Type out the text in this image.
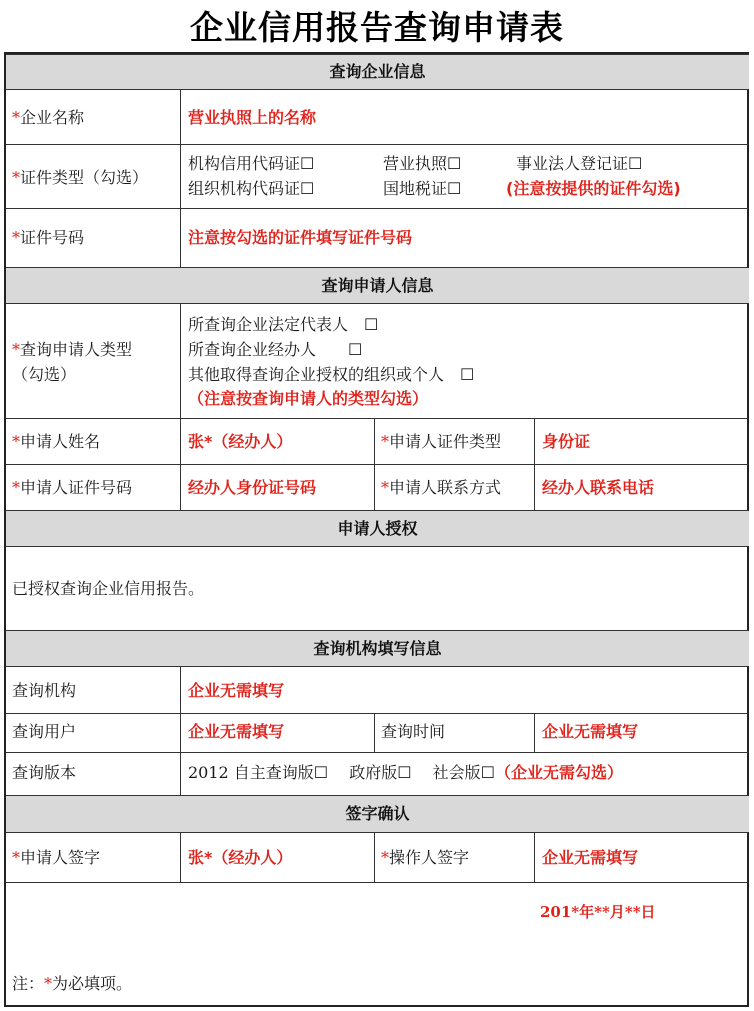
企业信用报告查询申请表
查询企业信息
*企业名称	营业执照上的名称
*证件类型（勾选）
机构信用代码证☐	营业执照☐	事业法人登记证☐
组织机构代码证☐	国地税证☐	(注意按提供的证件勾选)
*证件号码	注意按勾选的证件填写证件号码
查询申请人信息
*查询申请人类型
（勾选）
所查询企业法定代表人　☐
所查询企业经办人　　☐
其他取得查询企业授权的组织或个人　☐
（注意按查询申请人的类型勾选）
*申请人姓名	张*（经办人）	*申请人证件类型	身份证
*申请人证件号码	经办人身份证号码	*申请人联系方式	经办人联系电话
申请人授权
已授权查询企业信用报告。
查询机构填写信息
查询机构	企业无需填写
查询用户	企业无需填写	查询时间	企业无需填写
查询版本	2012 自主查询版☐　 政府版☐　 社会版☐（企业无需勾选）
签字确认
*申请人签字	张*（经办人）	*操作人签字	企业无需填写
201*年**月**日
注：*为必填项。
